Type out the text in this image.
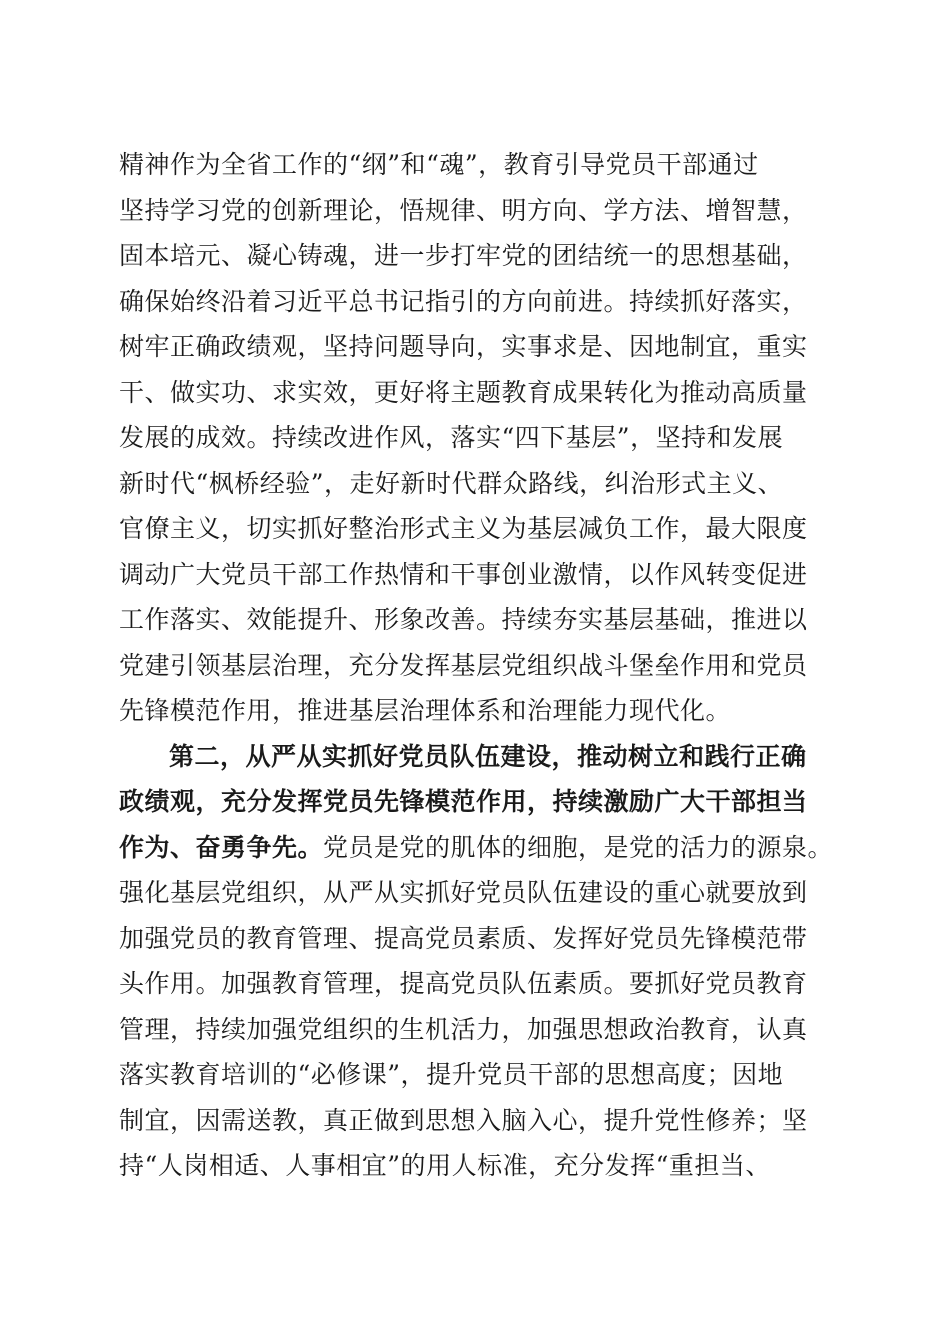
精神作为全省工作的“纲”和“魂”，教育引导党员干部通过
坚持学习党的创新理论，悟规律、明方向、学方法、增智慧，
固本培元、凝心铸魂，进一步打牢党的团结统一的思想基础，
确保始终沿着习近平总书记指引的方向前进。持续抓好落实，
树牢正确政绩观，坚持问题导向，实事求是、因地制宜，重实
干、做实功、求实效，更好将主题教育成果转化为推动高质量
发展的成效。持续改进作风，落实“四下基层”，坚持和发展
新时代“枫桥经验”，走好新时代群众路线，纠治形式主义、
官僚主义，切实抓好整治形式主义为基层减负工作，最大限度
调动广大党员干部工作热情和干事创业激情，以作风转变促进
工作落实、效能提升、形象改善。持续夯实基层基础，推进以
党建引领基层治理，充分发挥基层党组织战斗堡垒作用和党员
先锋模范作用，推进基层治理体系和治理能力现代化。
第二，从严从实抓好党员队伍建设，推动树立和践行正确
政绩观，充分发挥党员先锋模范作用，持续激励广大干部担当
作为、奋勇争先。党员是党的肌体的细胞，是党的活力的源泉。
强化基层党组织，从严从实抓好党员队伍建设的重心就要放到
加强党员的教育管理、提高党员素质、发挥好党员先锋模范带
头作用。加强教育管理，提高党员队伍素质。要抓好党员教育
管理，持续加强党组织的生机活力，加强思想政治教育，认真
落实教育培训的“必修课”，提升党员干部的思想高度；因地
制宜，因需送教，真正做到思想入脑入心，提升党性修养；坚
持“人岗相适、人事相宜”的用人标准，充分发挥“重担当、
